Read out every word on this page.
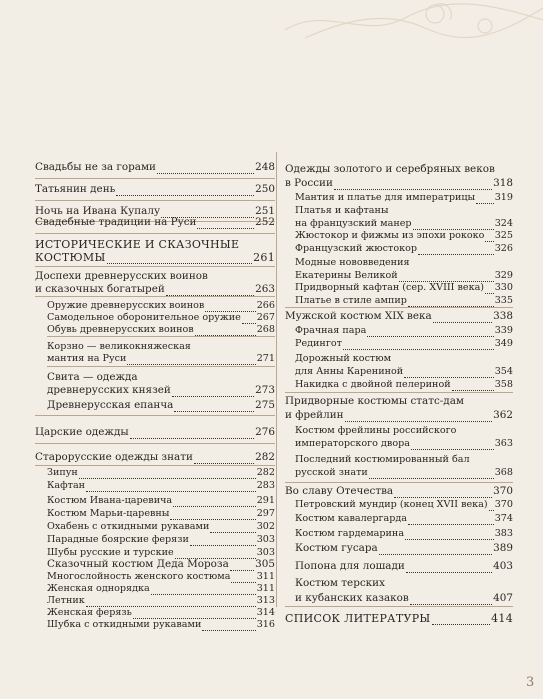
Свадьбы не за горами	248
Татьянин день	250
Ночь на Ивана Купалу	251
Свадебные традиции на Руси	252
ИСТОРИЧЕСКИЕ И СКАЗОЧНЫЕ
КОСТЮМЫ	261
Доспехи древнерусских воинов
и сказочных богатырей	263
Оружие древнерусских воинов	266
Самодельное оборонительное оружие 267
Обувь древнерусских воинов	268
Корзно — великокняжеская
мантия на Руси	271
Свита — одежда
древнерусских князей	273
Древнерусская епанча	275
Царские одежды	276
Старорусские одежды знати	282
Зипун	282
Кафтан	283
Костюм Ивана-царевича	291
Костюм Марьи-царевны	297
Охабень с откидными рукавами	302
Парадные боярские ферязи	303
Шубы русские и турские	303
Сказочный костюм Деда Мороза	305
Многослойность женского костюма	311
Женская однорядка	311
Летник	313
Женская ферязь	314
Шубка с откидными рукавами	316
Одежды золотого и серебряных веков
в России	318
Мантия и платье для императрицы 319
Платья и кафтаны
на французский манер	324
Жюстокор и фижмы из эпохи рококо 325
Французский жюстокор	326
Модные нововведения
Екатерины Великой	329
Придворный кафтан (сер. XVIII века) 330
Платье в стиле ампир	335
Мужской костюм XIX века	338
Фрачная пара	339
Редингот	349
Дорожный костюм
для Анны Карениной	354
Накидка с двойной пелериной	358
Придворные костюмы статс-дам
и фрейлин	362
Костюм фрейлины российского
императорского двора	363
Последний костюмированный бал
русской знати	368
Во славу Отечества	370
Петровский мундир (конец XVII века) 370
Костюм кавалергарда	374
Костюм гардемарина	383
Костюм гусара	389
Попона для лошади	403
Костюм терских
и кубанских казаков	407
СПИСОК ЛИТЕРАТУРЫ	414
3
